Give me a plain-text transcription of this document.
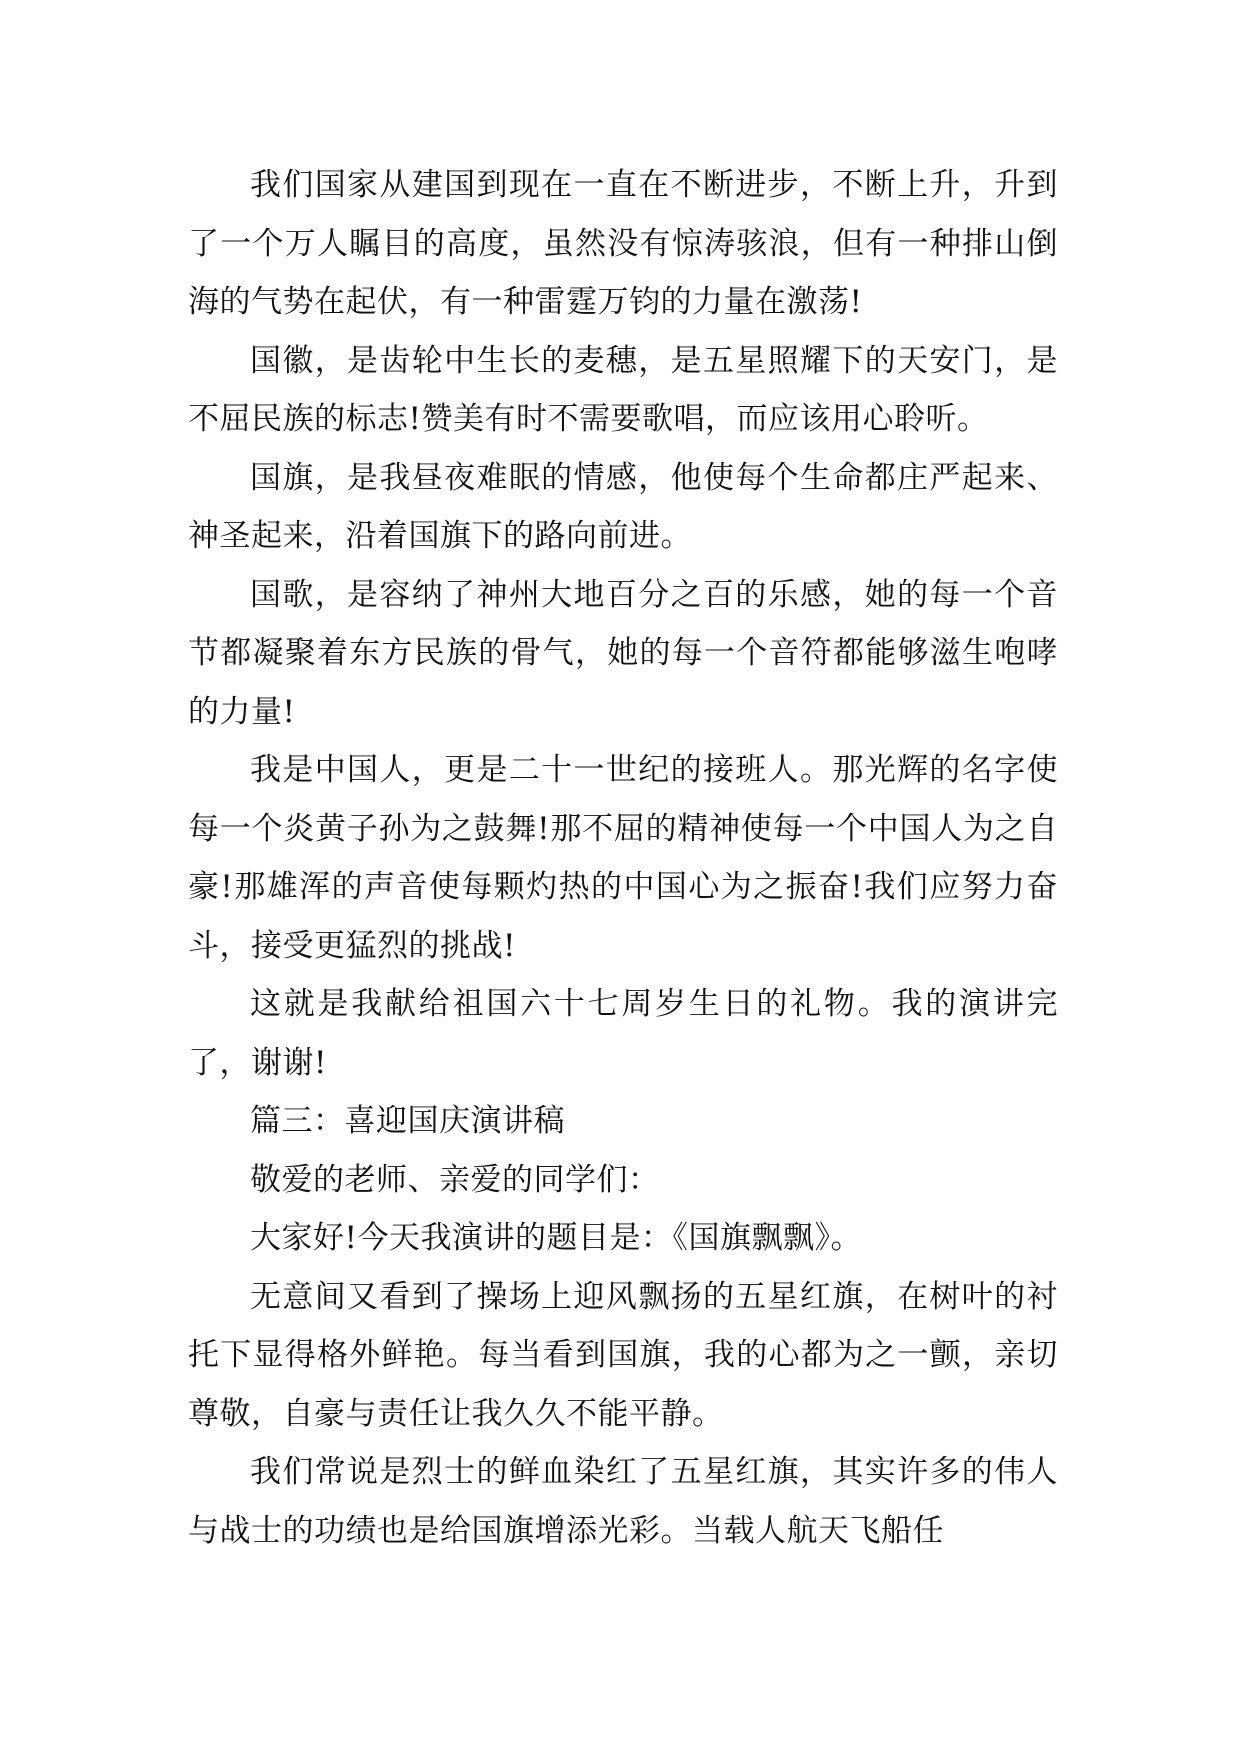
我们国家从建国到现在一直在不断进步，不断上升，升到了一个万人瞩目的高度，虽然没有惊涛骇浪，但有一种排山倒海的气势在起伏，有一种雷霆万钧的力量在激荡!

国徽，是齿轮中生长的麦穗，是五星照耀下的天安门，是不屈民族的标志!赞美有时不需要歌唱，而应该用心聆听。

国旗，是我昼夜难眠的情感，他使每个生命都庄严起来、神圣起来，沿着国旗下的路向前进。

国歌，是容纳了神州大地百分之百的乐感，她的每一个音节都凝聚着东方民族的骨气，她的每一个音符都能够滋生咆哮的力量!

我是中国人，更是二十一世纪的接班人。那光辉的名字使每一个炎黄子孙为之鼓舞!那不屈的精神使每一个中国人为之自豪!那雄浑的声音使每颗灼热的中国心为之振奋!我们应努力奋斗，接受更猛烈的挑战!

这就是我献给祖国六十七周岁生日的礼物。我的演讲完了，谢谢!

篇三：喜迎国庆演讲稿

敬爱的老师、亲爱的同学们：

大家好!今天我演讲的题目是：《国旗飘飘》。

无意间又看到了操场上迎风飘扬的五星红旗，在树叶的衬托下显得格外鲜艳。每当看到国旗，我的心都为之一颤，亲切尊敬，自豪与责任让我久久不能平静。

我们常说是烈士的鲜血染红了五星红旗，其实许多的伟人与战士的功绩也是给国旗增添光彩。当载人航天飞船任
